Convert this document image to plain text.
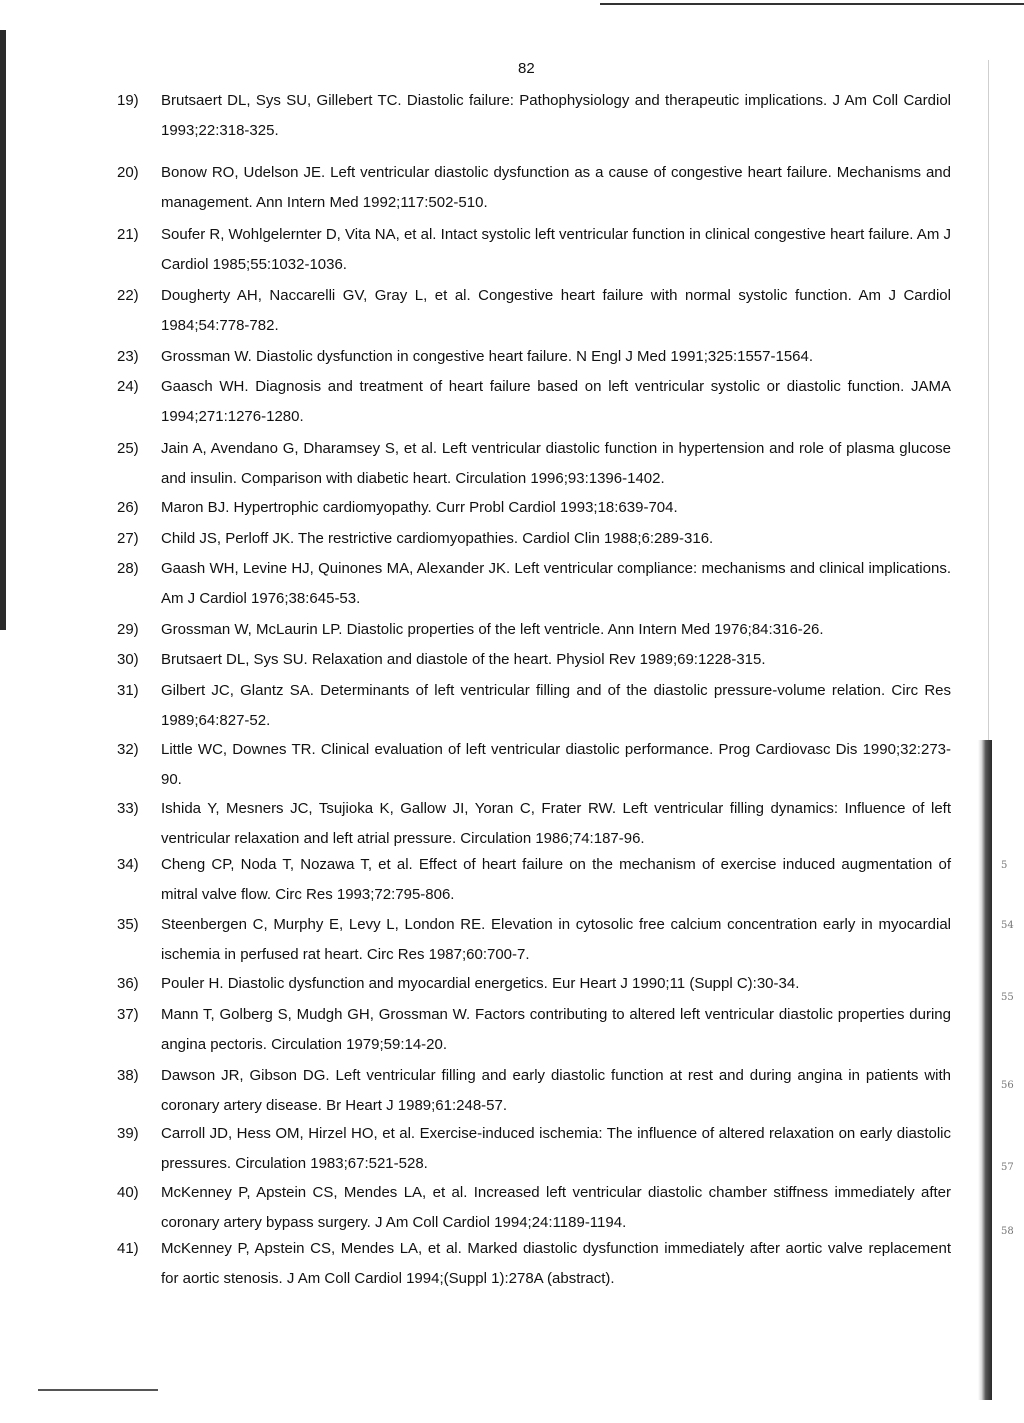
82
19)	Brutsaert DL, Sys SU, Gillebert TC. Diastolic failure: Pathophysiology and therapeutic implications. J Am Coll Cardiol 1993;22:318-325.
20)	Bonow RO, Udelson JE. Left ventricular diastolic dysfunction as a cause of congestive heart failure. Mechanisms and management. Ann Intern Med 1992;117:502-510.
21)	Soufer R, Wohlgelernter D, Vita NA, et al. Intact systolic left ventricular function in clinical congestive heart failure. Am J Cardiol 1985;55:1032-1036.
22)	Dougherty AH, Naccarelli GV, Gray L, et al. Congestive heart failure with normal systolic function. Am J Cardiol 1984;54:778-782.
23)	Grossman W. Diastolic dysfunction in congestive heart failure. N Engl J Med 1991;325:1557-1564.
24)	Gaasch WH. Diagnosis and treatment of heart failure based on left ventricular systolic or diastolic function. JAMA 1994;271:1276-1280.
25)	Jain A, Avendano G, Dharamsey S, et al. Left ventricular diastolic function in hypertension and role of plasma glucose and insulin. Comparison with diabetic heart. Circulation 1996;93:1396-1402.
26)	Maron BJ. Hypertrophic cardiomyopathy. Curr Probl Cardiol 1993;18:639-704.
27)	Child JS, Perloff JK. The restrictive cardiomyopathies. Cardiol Clin 1988;6:289-316.
28)	Gaash WH, Levine HJ, Quinones MA, Alexander JK. Left ventricular compliance: mechanisms and clinical implications. Am J Cardiol 1976;38:645-53.
29)	Grossman W, McLaurin LP. Diastolic properties of the left ventricle. Ann Intern Med 1976;84:316-26.
30)	Brutsaert DL, Sys SU. Relaxation and diastole of the heart. Physiol Rev 1989;69:1228-315.
31)	Gilbert JC, Glantz SA. Determinants of left ventricular filling and of the diastolic pressure-volume relation. Circ Res 1989;64:827-52.
32)	Little WC, Downes TR. Clinical evaluation of left ventricular diastolic performance. Prog Cardiovasc Dis 1990;32:273-90.
33)	Ishida Y, Mesners JC, Tsujioka K, Gallow JI, Yoran C, Frater RW. Left ventricular filling dynamics: Influence of left ventricular relaxation and left atrial pressure. Circulation 1986;74:187-96.
34)	Cheng CP, Noda T, Nozawa T, et al. Effect of heart failure on the mechanism of exercise induced augmentation of mitral valve flow. Circ Res 1993;72:795-806.
35)	Steenbergen C, Murphy E, Levy L, London RE. Elevation in cytosolic free calcium concentration early in myocardial ischemia in perfused rat heart. Circ Res 1987;60:700-7.
36)	Pouler H. Diastolic dysfunction and myocardial energetics. Eur Heart J 1990;11 (Suppl C):30-34.
37)	Mann T, Golberg S, Mudgh GH, Grossman W. Factors contributing to altered left ventricular diastolic properties during angina pectoris. Circulation 1979;59:14-20.
38)	Dawson JR, Gibson DG. Left ventricular filling and early diastolic function at rest and during angina in patients with coronary artery disease. Br Heart J 1989;61:248-57.
39)	Carroll JD, Hess OM, Hirzel HO, et al. Exercise-induced ischemia: The influence of altered relaxation on early diastolic pressures. Circulation 1983;67:521-528.
40)	McKenney P, Apstein CS, Mendes LA, et al. Increased left ventricular diastolic chamber stiffness immediately after coronary artery bypass surgery. J Am Coll Cardiol 1994;24:1189-1194.
41)	McKenney P, Apstein CS, Mendes LA, et al. Marked diastolic dysfunction immediately after aortic valve replacement for aortic stenosis. J Am Coll Cardiol 1994;(Suppl 1):278A (abstract).
5
54
55
56
57
58
